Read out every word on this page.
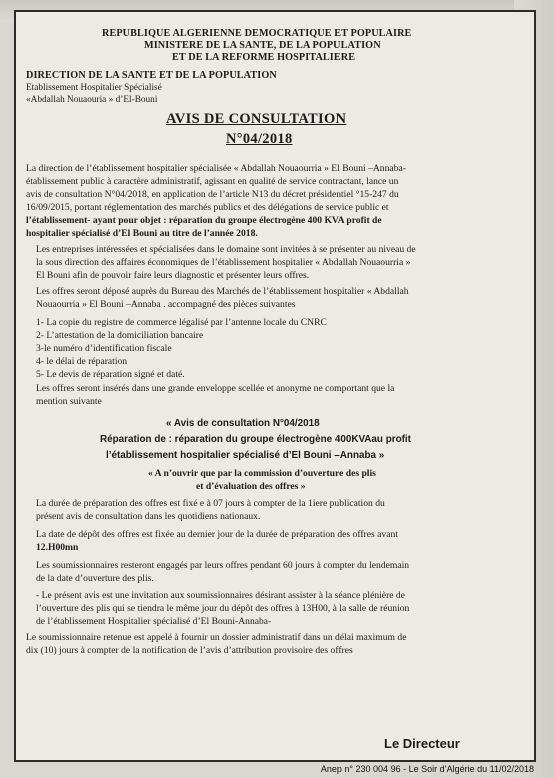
REPUBLIQUE ALGERIENNE DEMOCRATIQUE ET POPULAIRE
MINISTERE DE LA SANTE, DE LA POPULATION
ET DE LA REFORME HOSPITALIERE
DIRECTION DE LA SANTE ET DE LA POPULATION
Etablissement Hospitalier Spécialisé
«Abdallah Nouaouria » d’El-Bouni
AVIS DE CONSULTATION
N°04/2018
La direction de l’établissement hospitalier spécialisée « Abdallah Nouaourria » El Bouni –Annaba-
établissement public à caractère administratif, agissant en qualité de service contractant, lance un
avis de consultation N°04/2018, en application de l’article N13 du décret présidentiel °15-247 du
16/09/2015, portant réglementation des marchés publics et des délégations de service public et
l’établissement- ayant pour objet : réparation du groupe électrogène 400 KVA profit de
hospitalier spécialisé d’El Bouni au titre de l’année 2018.
Les entreprises intéressées et spécialisées dans le domaine sont invitées à se présenter au niveau de
la sous direction des affaires économiques de l’établissement hospitalier « Abdallah Nouaourria »
El Bouni afin de pouvoir faire leurs diagnostic et présenter leurs offres.
Les offres seront déposé auprès du Bureau des Marchés de l’établissement hospitalier « Abdallah
Nouaourria » El Bouni –Annaba . accompagné des pièces suivantes
1- La copie du registre de commerce légalisé par l’antenne locale du CNRC
2- L’attestation de la domiciliation bancaire
3-le numéro d’identification fiscale
4- le délai de réparation
5- Le devis de réparation signé et daté.
Les offres seront insérés dans une grande enveloppe scellée et anonyme ne comportant que la
mention suivante
« Avis de consultation N°04/2018
Réparation de : réparation du groupe électrogène 400KVAau profit
l’établissement hospitalier spécialisé d’El Bouni –Annaba »
« A n’ouvrir que par la commission d’ouverture des plis
et d’évaluation des offres »
La durée de préparation des offres est fixé e à 07 jours à compter de la 1iere publication du
présent avis de consultation dans les quotidiens nationaux.
La date de dépôt des offres est fixée au dernier jour de la durée de préparation des offres avant
12.H00mn
Les soumissionnaires resteront engagés par leurs offres pendant 60 jours à compter du lendemain
de la date d’ouverture des plis.
- Le présent avis est une invitation aux soumissionnaires désirant assister à la séance plénière de
l’ouverture des plis qui se tiendra le même jour du dépôt des offres à 13H00, à la salle de réunion
de l’établissement Hospitalier spécialisé d’El Bouni-Annaba-
Le soumissionnaire retenue est appelé à fournir un dossier administratif dans un délai maximum de
dix (10) jours à compter de la notification de l’avis d’attribution provisoire des offres
Le Directeur
Anep n° 230 004 96 - Le Soir d’Algérie du 11/02/2018
